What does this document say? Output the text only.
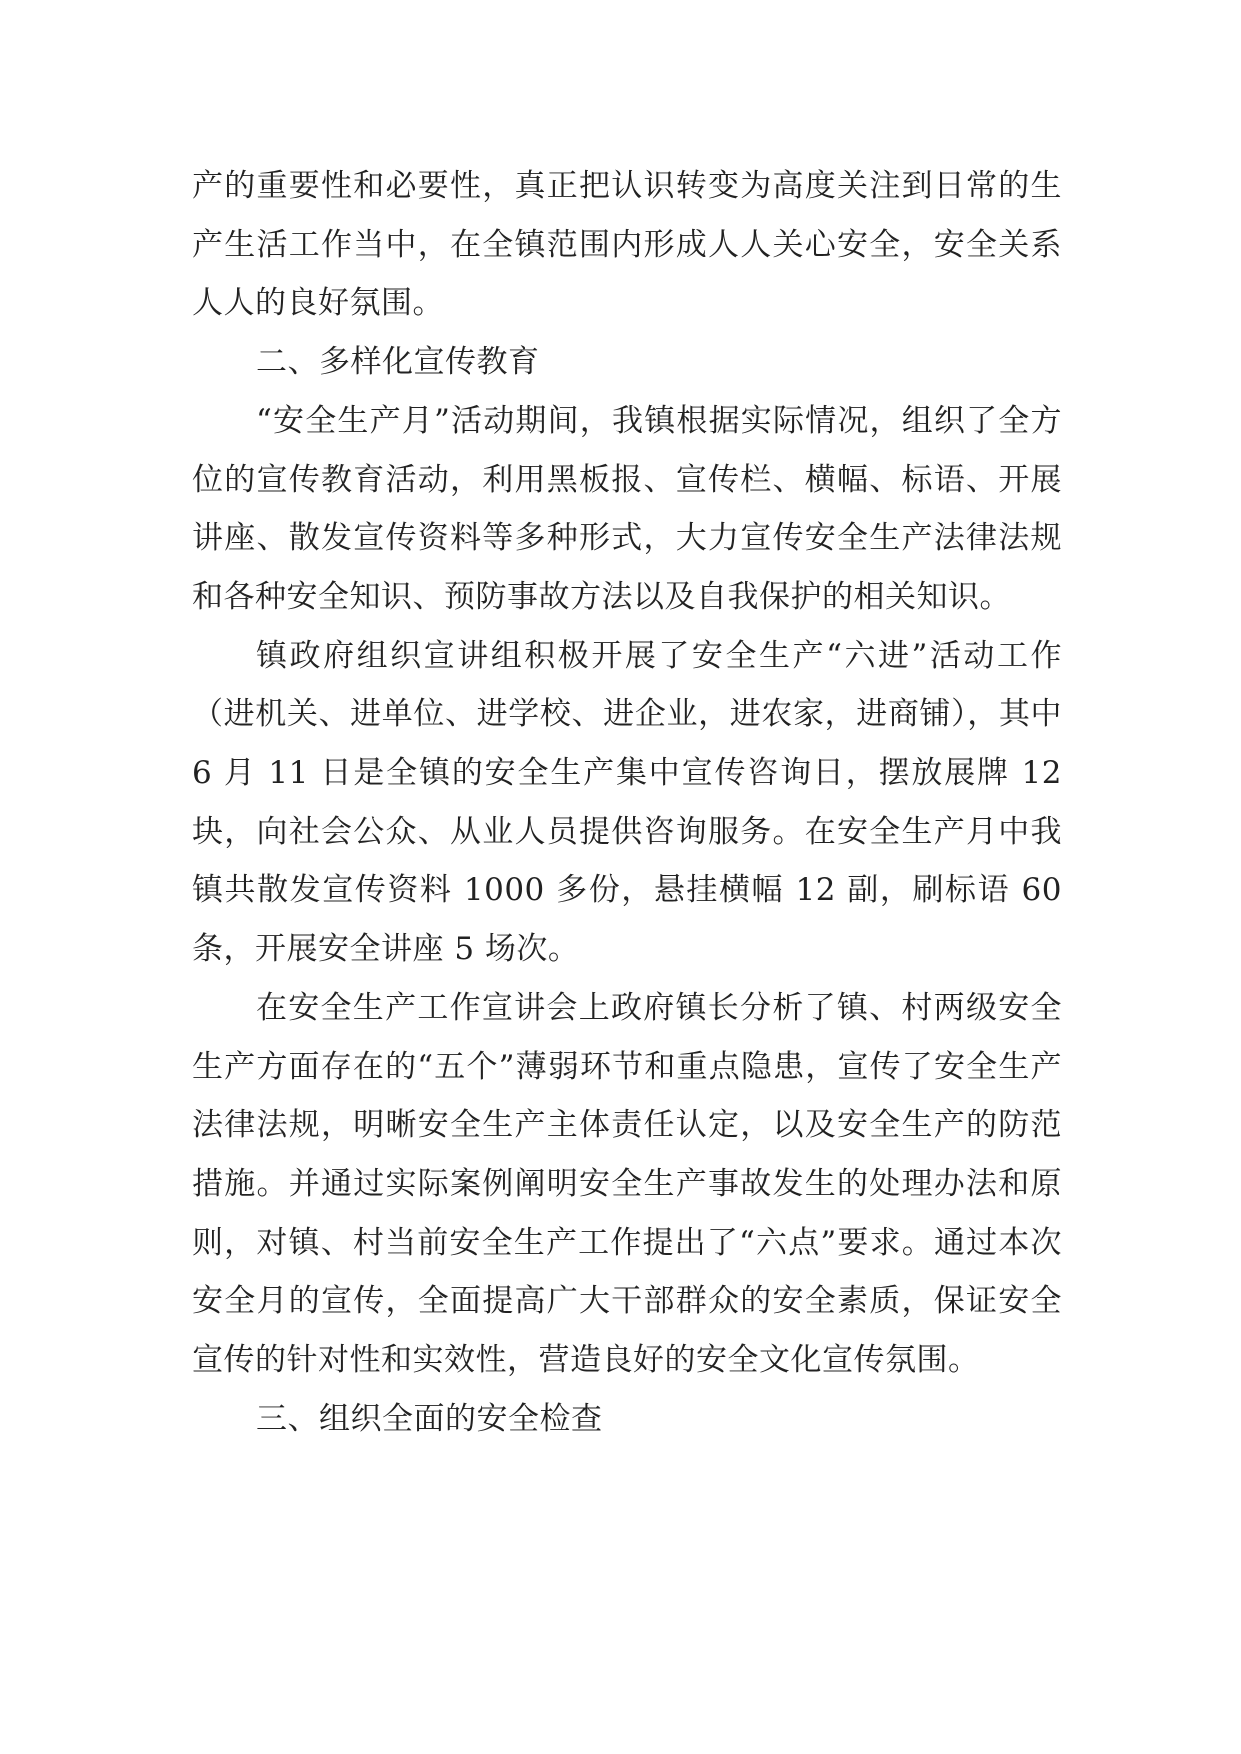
产的重要性和必要性，真正把认识转变为高度关注到日常的生产生活工作当中，在全镇范围内形成人人关心安全，安全关系人人的良好氛围。

二、多样化宣传教育

“安全生产月”活动期间，我镇根据实际情况，组织了全方位的宣传教育活动，利用黑板报、宣传栏、横幅、标语、开展讲座、散发宣传资料等多种形式，大力宣传安全生产法律法规和各种安全知识、预防事故方法以及自我保护的相关知识。

镇政府组织宣讲组积极开展了安全生产“六进”活动工作（进机关、进单位、进学校、进企业，进农家，进商铺），其中 6 月 11 日是全镇的安全生产集中宣传咨询日，摆放展牌 12 块，向社会公众、从业人员提供咨询服务。在安全生产月中我镇共散发宣传资料 1000 多份，悬挂横幅 12 副，刷标语 60 条，开展安全讲座 5 场次。

在安全生产工作宣讲会上政府镇长分析了镇、村两级安全生产方面存在的“五个”薄弱环节和重点隐患，宣传了安全生产法律法规，明晰安全生产主体责任认定，以及安全生产的防范措施。并通过实际案例阐明安全生产事故发生的处理办法和原则，对镇、村当前安全生产工作提出了“六点”要求。通过本次安全月的宣传，全面提高广大干部群众的安全素质，保证安全宣传的针对性和实效性，营造良好的安全文化宣传氛围。

三、组织全面的安全检查
